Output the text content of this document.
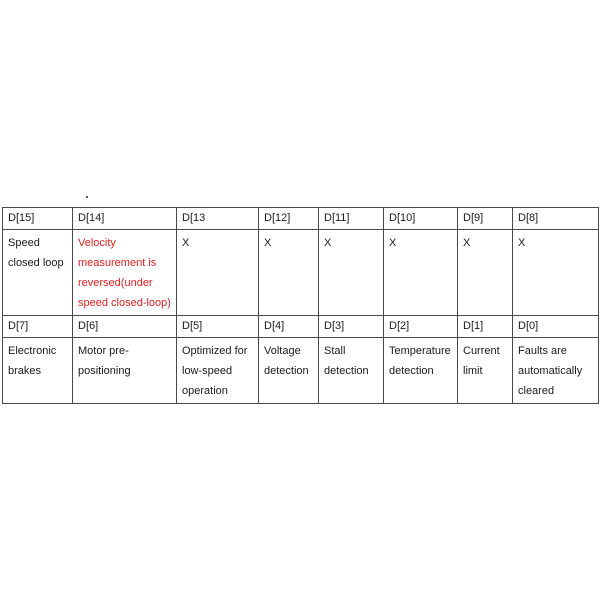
D[15]	D[14]	D[13	D[12]	D[11]	D[10]	D[9]	D[8]
Speed closed loop	Velocity measurement is reversed(under speed closed-loop)	X	X	X	X	X	X
D[7]	D[6]	D[5]	D[4]	D[3]	D[2]	D[1]	D[0]
Electronic brakes	Motor pre-positioning	Optimized for low-speed operation	Voltage detection	Stall detection	Temperature detection	Current limit	Faults are automatically cleared
